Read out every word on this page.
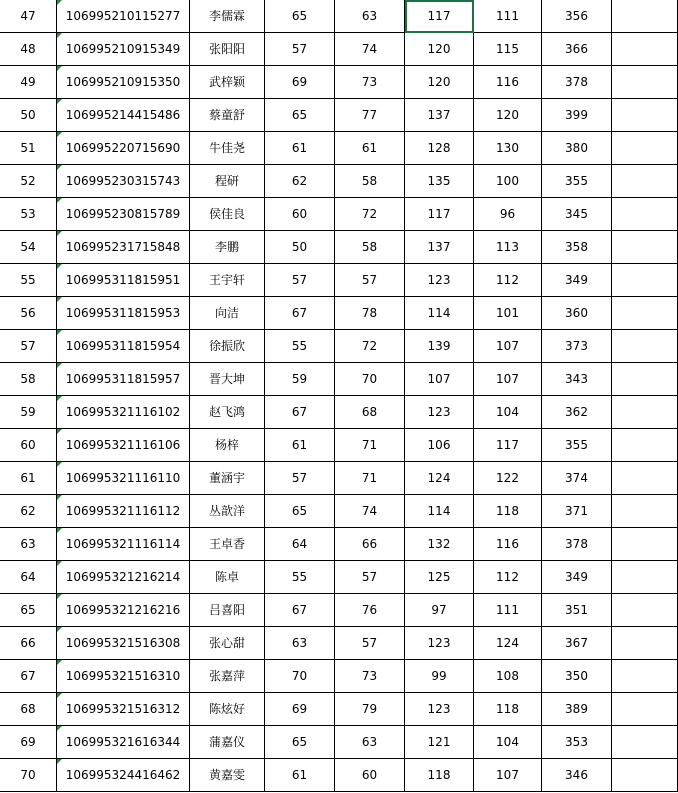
47	106995210115277	李儒霖	65	63	117	111	356	
48	106995210915349	张阳阳	57	74	120	115	366	
49	106995210915350	武梓颖	69	73	120	116	378	
50	106995214415486	蔡童舒	65	77	137	120	399	
51	106995220715690	牛佳尧	61	61	128	130	380	
52	106995230315743	程研	62	58	135	100	355	
53	106995230815789	侯佳良	60	72	117	96	345	
54	106995231715848	李鹏	50	58	137	113	358	
55	106995311815951	王宇轩	57	57	123	112	349	
56	106995311815953	向洁	67	78	114	101	360	
57	106995311815954	徐振欣	55	72	139	107	373	
58	106995311815957	晋大坤	59	70	107	107	343	
59	106995321116102	赵飞鸿	67	68	123	104	362	
60	106995321116106	杨梓	61	71	106	117	355	
61	106995321116110	董涵宇	57	71	124	122	374	
62	106995321116112	丛歆洋	65	74	114	118	371	
63	106995321116114	王卓香	64	66	132	116	378	
64	106995321216214	陈卓	55	57	125	112	349	
65	106995321216216	吕喜阳	67	76	97	111	351	
66	106995321516308	张心甜	63	57	123	124	367	
67	106995321516310	张嘉萍	70	73	99	108	350	
68	106995321516312	陈炫好	69	79	123	118	389	
69	106995321616344	蒲嘉仪	65	63	121	104	353	
70	106995324416462	黄嘉雯	61	60	118	107	346	
